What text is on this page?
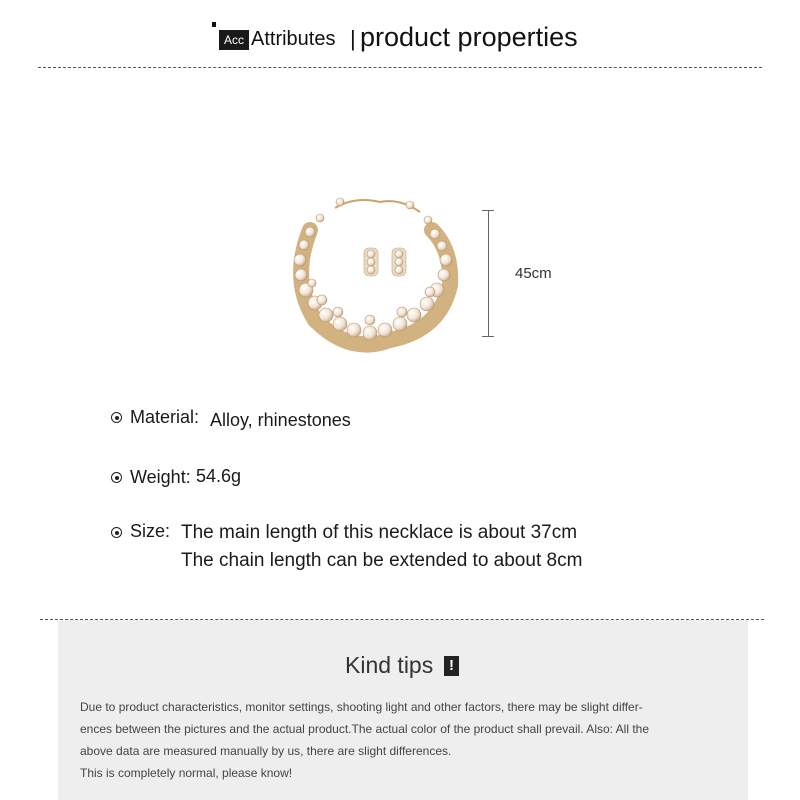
Acc Attributes | product properties
45cm
Material: Alloy, rhinestones
Weight: 54.6g
Size: The main length of this necklace is about 37cm
The chain length can be extended to about 8cm
Kind tips	!
Due to product characteristics, monitor settings, shooting light and other factors, there may be slight differ-
ences between the pictures and the actual product.The actual color of the product shall prevail. Also: All the
above data are measured manually by us, there are slight differences.
This is completely normal, please know!
